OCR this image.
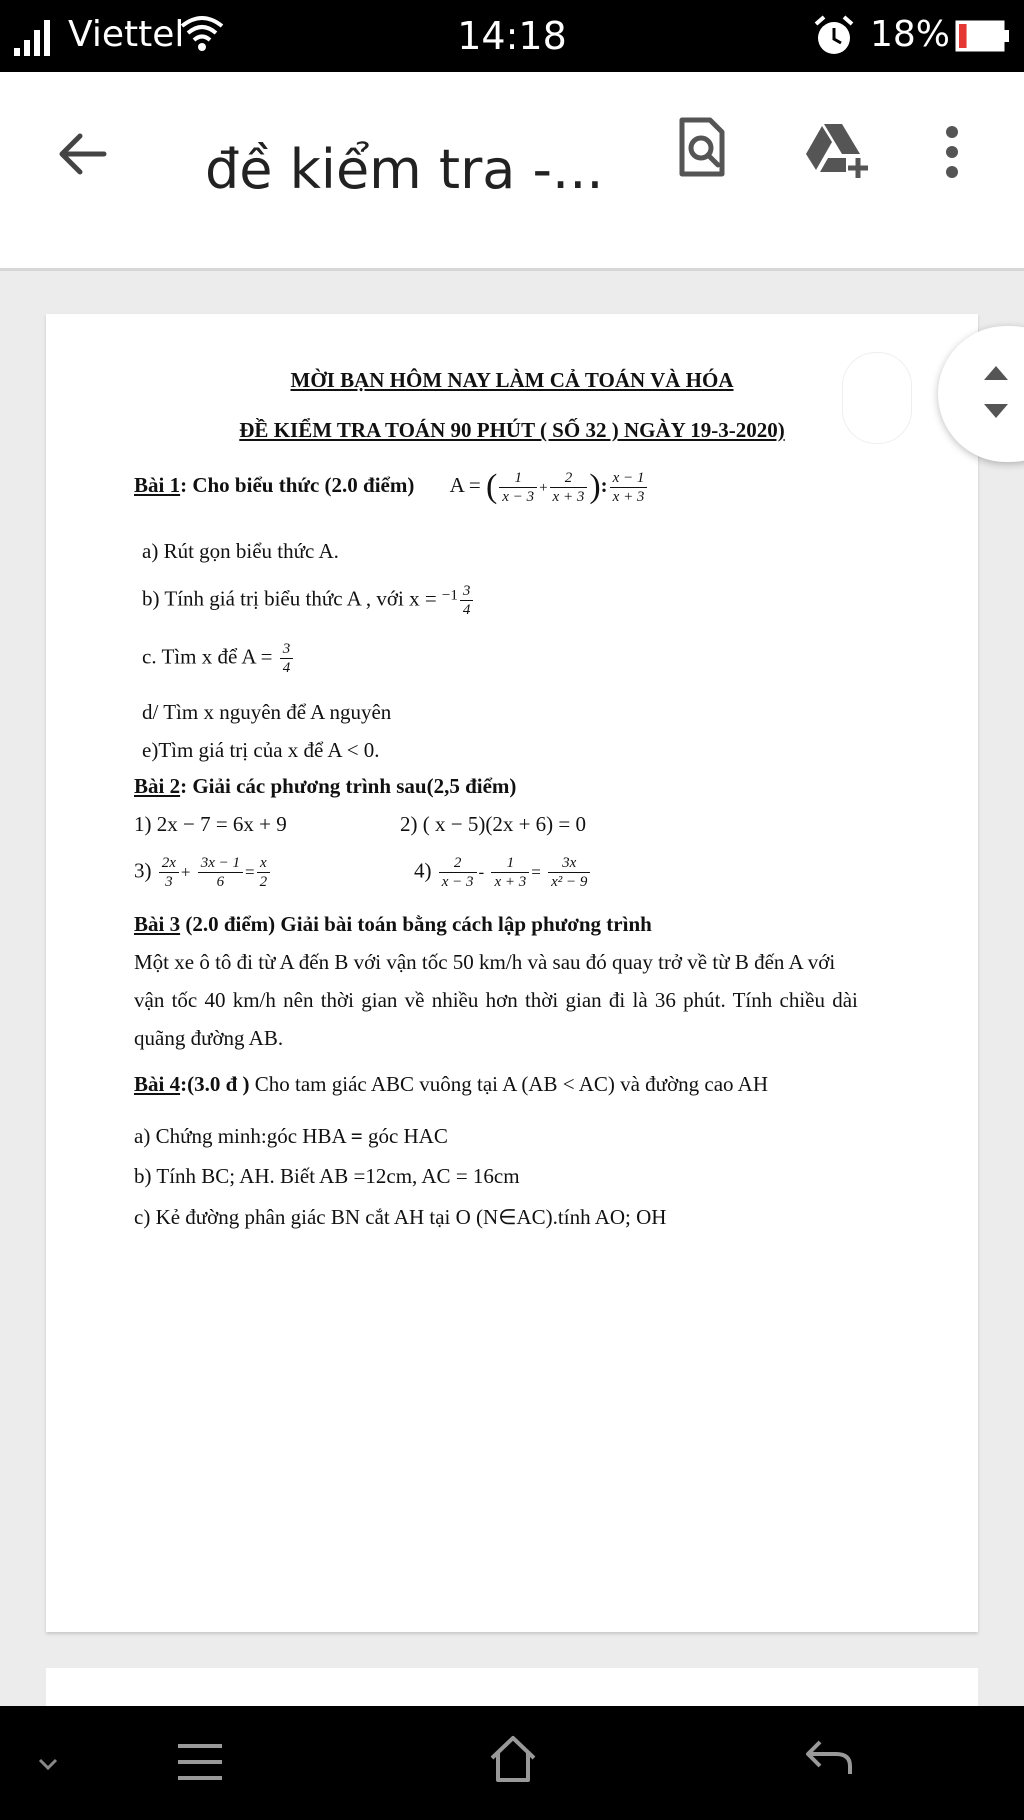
Viettel	14:18	18%
đề kiểm tra -...
MỜI BẠN HÔM NAY LÀM CẢ TOÁN VÀ HÓA
ĐỀ KIỂM TRA TOÁN 90 PHÚT ( SỐ 32 ) NGÀY 19-3-2020)
Bài 1: Cho biểu thức (2.0 điểm) A = ( $\frac{1}{x - 3} + \frac{2}{x + 3}$ ): $\frac{x - 1}{x + 3}$
a) Rút gọn biểu thức A.
b) Tính giá trị biểu thức A , với $x = ^{-1} \frac{3}{4}$
c. Tìm x để $A = \frac{3}{4}$
d/ Tìm x nguyên để A nguyên
e)Tìm giá trị của x để A < 0.
Bài 2: Giải các phương trình sau(2,5 điểm)
1) 2x − 7 = 6x + 9	2) ( x − 5)(2x + 6) = 0
$3) \frac{2x}{3} + \frac{3x - 1}{6} = \frac{x}{2}$	$4) \frac{2}{x - 3} - \frac{1}{x + 3} = \frac{3x}{\text{x² − 9}}$
Bài 3 (2.0 điểm) Giải bài toán bằng cách lập phương trình
Một xe ô tô đi từ A đến B với vận tốc 50 km/h và sau đó quay trở về từ B đến A với
vận tốc 40 km/h nên thời gian về nhiều hơn thời gian đi là 36 phút. Tính chiều dài
quãng đường AB.
Bài 4:(3.0 đ ) Cho tam giác ABC vuông tại A (AB < AC) và đường cao AH
a) Chứng minh:góc HBA = góc HAC
b) Tính BC; AH. Biết AB =12cm, AC = 16cm
c) Kẻ đường phân giác BN cắt AH tại O (N∈AC).tính AO; OH
